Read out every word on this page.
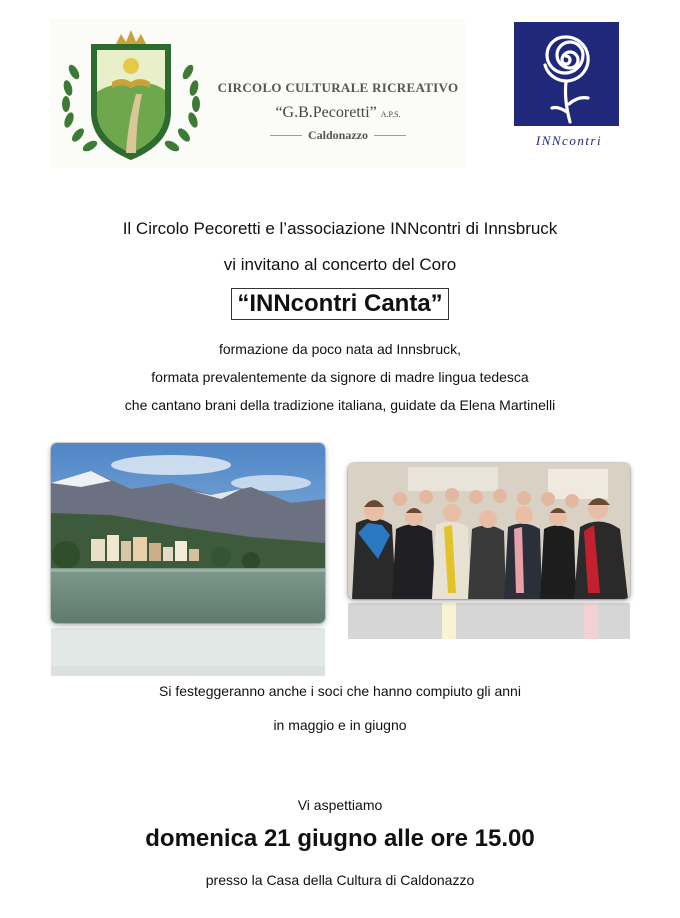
CIRCOLO CULTURALE RICREATIVO
“G.B.Pecoretti” A.P.S.
Caldonazzo	INNcontri
Il Circolo Pecoretti e l’associazione INNcontri di Innsbruck
vi invitano al concerto del Coro
“INNcontri Canta”
formazione da poco nata ad Innsbruck,
formata prevalentemente da signore di madre lingua tedesca
che cantano brani della tradizione italiana, guidate da Elena Martinelli
Si festeggeranno anche i soci che hanno compiuto gli anni
in maggio e in giugno
Vi aspettiamo
domenica 21 giugno alle ore 15.00
presso la Casa della Cultura di Caldonazzo
